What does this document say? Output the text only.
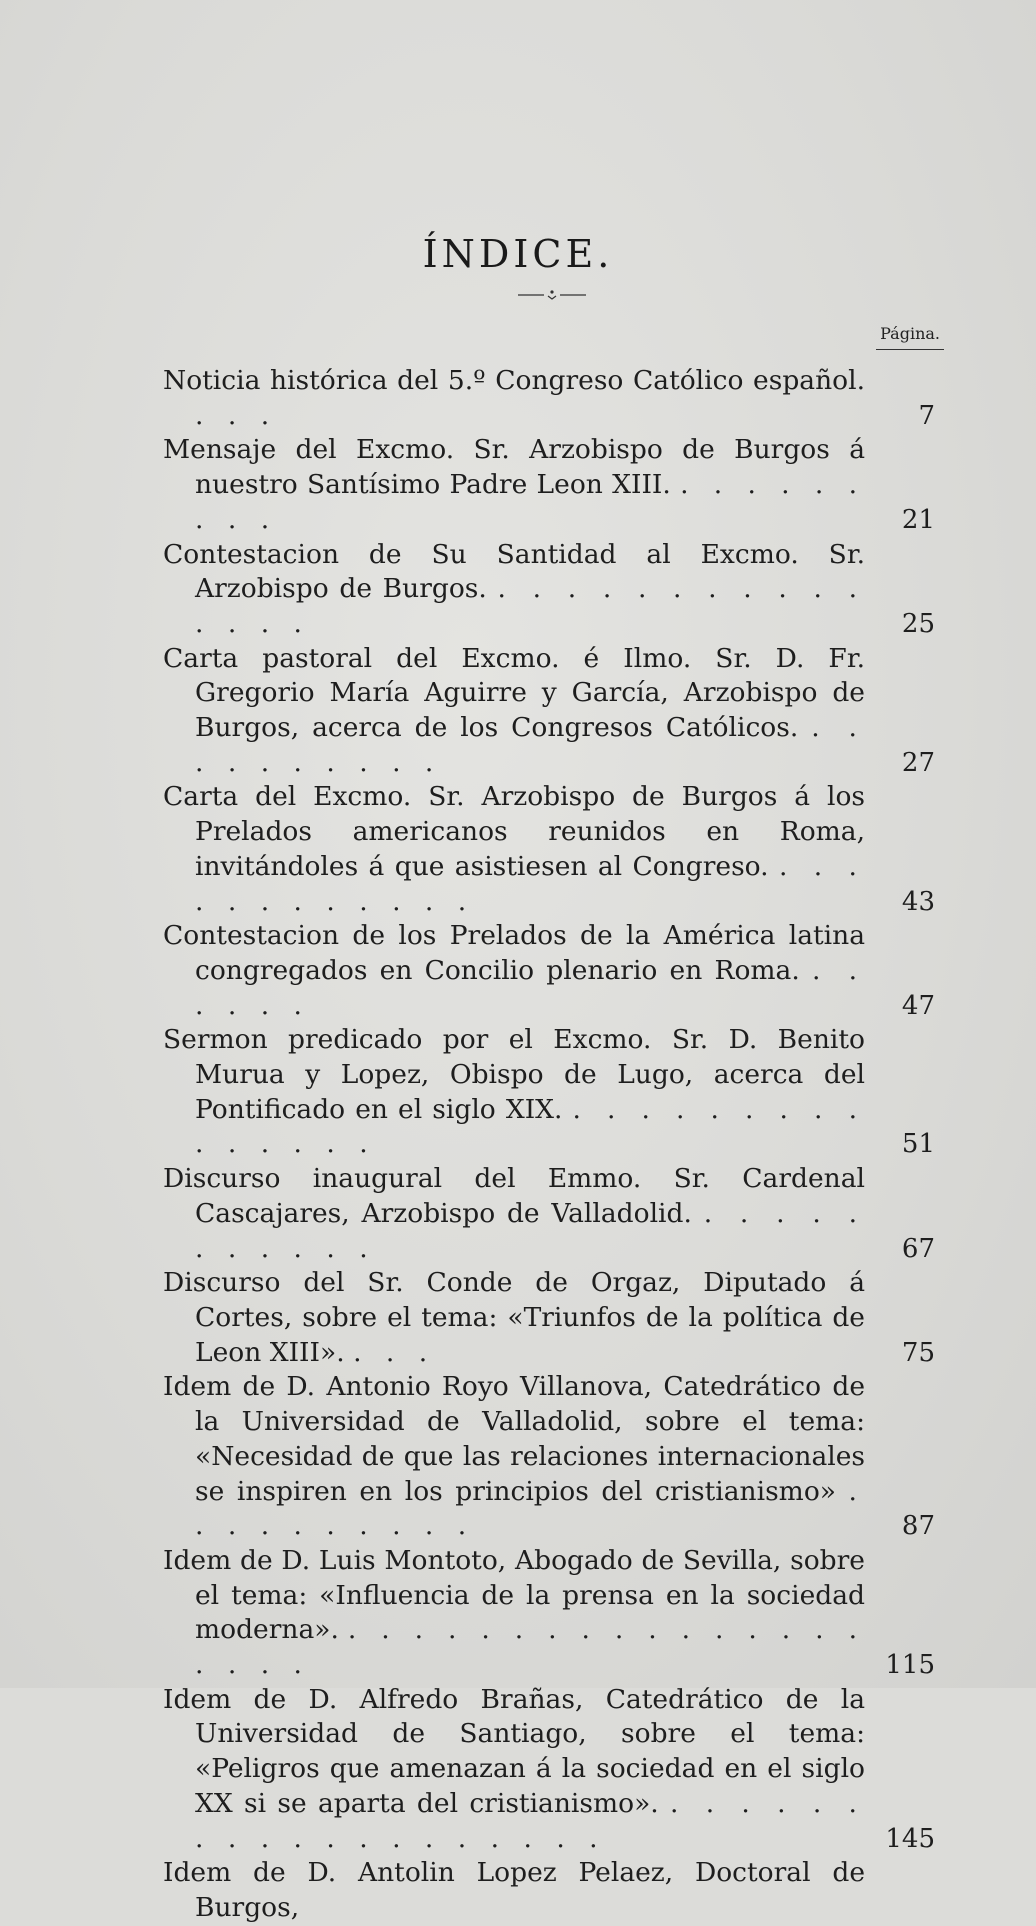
ÍNDICE.
Página.
Noticia histórica del 5.º Congreso Católico español. . . .	7
Mensaje del Excmo. Sr. Arzobispo de Burgos á nuestro Santísimo Padre Leon XIII. . . . . . . . . .	21
Contestacion de Su Santidad al Excmo. Sr. Arzobispo de Burgos. . . . . . . . . . . . . . . .	25
Carta pastoral del Excmo. é Ilmo. Sr. D. Fr. Gregorio María Aguirre y García, Arzobispo de Burgos, acerca de los Congresos Católicos. . . . . . . . . . .	27
Carta del Excmo. Sr. Arzobispo de Burgos á los Prelados americanos reunidos en Roma, invitándoles á que asistiesen al Congreso. . . . . . . . . . . . .	43
Contestacion de los Prelados de la América latina congregados en Concilio plenario en Roma. . . . . . .	47
Sermon predicado por el Excmo. Sr. D. Benito Murua y Lopez, Obispo de Lugo, acerca del Pontificado en el siglo XIX. . . . . . . . . . . . . . . .	51
Discurso inaugural del Emmo. Sr. Cardenal Cascajares, Arzobispo de Valladolid. . . . . . . . . . . .	67
Discurso del Sr. Conde de Orgaz, Diputado á Cortes, sobre el tema: «Triunfos de la política de Leon XIII». . . .	75
Idem de D. Antonio Royo Villanova, Catedrático de la Universidad de Valladolid, sobre el tema: «Necesidad de que las relaciones internacionales se inspiren en los principios del cristianismo» . . . . . . . . . .	87
Idem de D. Luis Montoto, Abogado de Sevilla, sobre el tema: «Influencia de la prensa en la sociedad moderna». . . . . . . . . . . . . . . . . . . . .	115
Idem de D. Alfredo Brañas, Catedrático de la Universidad de Santiago, sobre el tema: «Peligros que amenazan á la sociedad en el siglo XX si se aparta del cristianismo». . . . . . . . . . . . . . . . . . . .	145
Idem de D. Antolin Lopez Pelaez, Doctoral de Burgos,
